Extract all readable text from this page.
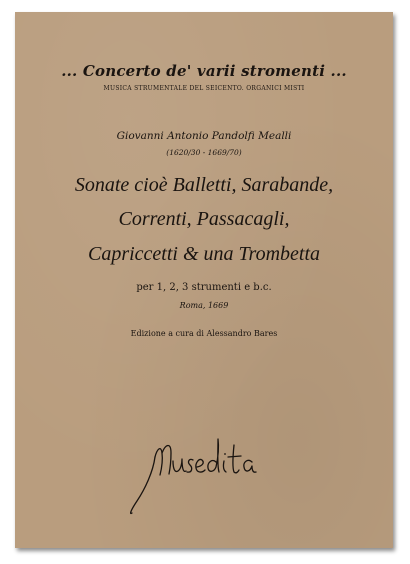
... Concerto de' varii stromenti ...

MUSICA STRUMENTALE DEL SEICENTO. ORGANICI MISTI

Giovanni Antonio Pandolfi Mealli

(1620/30 - 1669/70)

Sonate cioè Balletti, Sarabande,

Correnti, Passacagli,

Capriccetti & una Trombetta

per 1, 2, 3 strumenti e b.c.

Roma, 1669

Edizione a cura di Alessandro Bares
